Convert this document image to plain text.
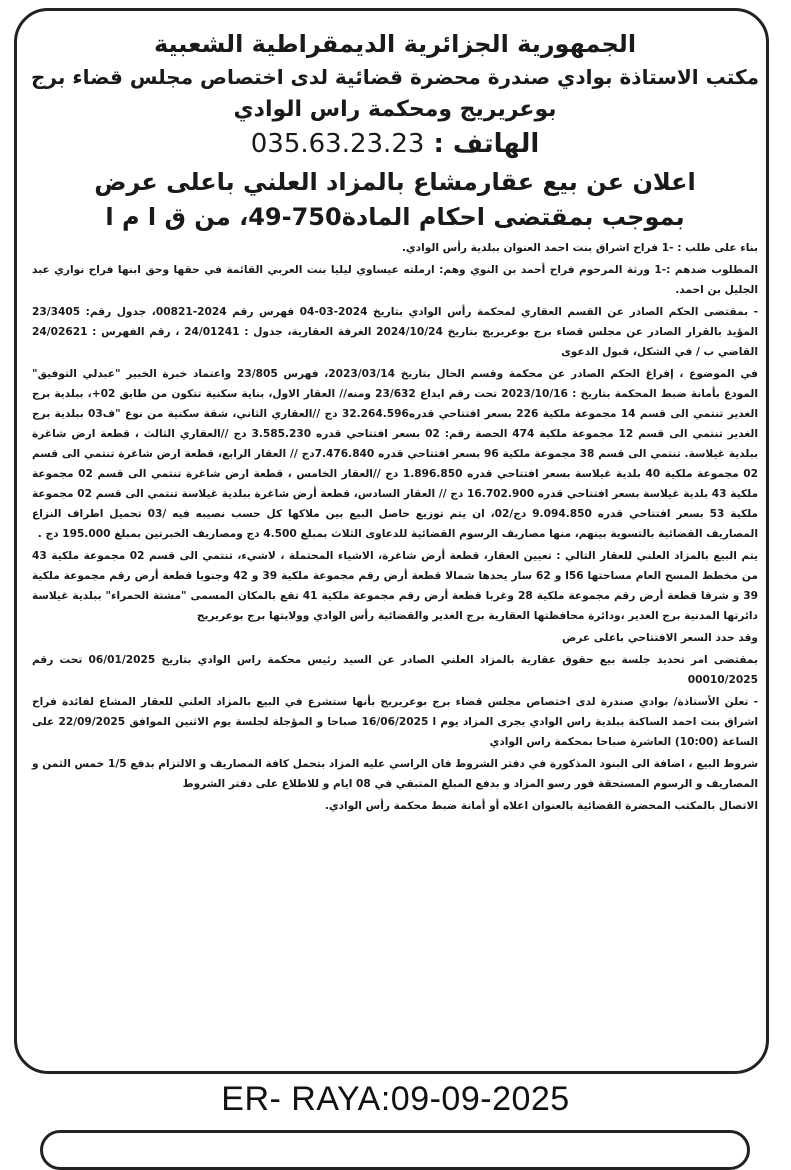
الجمهورية الجزائرية الديمقراطية الشعبية

مكتب الاستاذة بوادي صندرة محضرة قضائية لدى اختصاص مجلس قضاء برج

بوعريريج ومحكمة راس الوادي

الهاتف : 035.63.23.23

اعلان عن بيع عقارمشاع بالمزاد العلني باعلى عرض

بموجب بمقتضى احكام المادة750-49، من ق ا م ا

بناء على طلب : -1 فراح اشراق بنت احمد العنوان ببلدية رأس الوادي.

المطلوب ضدهم :-1 ورثة المرحوم فراح أحمد بن النوي وهم: ارملته عيساوي ليليا بنت العربي القائمة في حقها وحق ابنها فراح نواري عبد الجليل بن احمد.

- بمقتضى الحكم الصادر عن القسم العقاري لمحكمة رأس الوادي بتاريخ 2024-03-04 فهرس رقم 2024-00821، جدول رقم: 23/3405 المؤيد بالقرار الصادر عن مجلس قضاء برج بوعريريج بتاريخ 2024/10/24 الغرفة العقارية، جدول : 24/01241 ، رقم الفهرس : 24/02621 القاضي ب / في الشكل، قبول الدعوى

في الموضوع ، إفراغ الحكم الصادر عن محكمة وقسم الحال بتاريخ 2023/03/14، فهرس 23/805 واعتماد خبرة الخبير "عبدلي التوفيق" المودع بأمانة ضبط المحكمة بتاريخ : 2023/10/16 تحت رقم ايداع 23/632 ومنه// العقار الاول، بناية سكنية تتكون من طابق 02+، ببلدية برج الغدير تنتمي الى قسم 14 مجموعة ملكية 226 بسعر افتتاحي قدره32.264.596 دج //العقاري الثاني، شقة سكنية من نوع "ف03 ببلدية برج الغدير تنتمي الى قسم 12 مجموعة ملكية 474 الحصة رقم: 02 بسعر افتتاحي قدره 3.585.230 دج //العقاري الثالث ، قطعة ارض شاغرة ببلدية غيلاسة. تنتمي الى قسم 38 مجموعة ملكية 96 بسعر افتتاحي قدره 7.476.840دج // العقار الرابع، قطعة ارض شاغرة تنتمي الى قسم 02 مجموعة ملكية 40 بلدية غيلاسة بسعر افتتاحي قدره 1.896.850 دج //العقار الخامس ، قطعة ارض شاغرة تنتمي الى قسم 02 مجموعة ملكية 43 بلدية غيلاسة بسعر افتتاحي قدره 16.702.900 دج // العقار السادس، قطعة أرض شاغرة ببلدية غيلاسة تنتمي الى قسم 02 مجموعة ملكية 53 بسعر افتتاحي قدره 9.094.850 دج/02، ان يتم توزيع حاصل البيع بين ملاكها كل حسب نصيبه فيه /03 تحميل اطراف النزاع المصاريف القضائية بالتسوية بينهم، منها مصاريف الرسوم القضائية للدعاوى الثلاث بمبلغ 4.500 دج ومصاريف الخبرتين بمبلغ 195.000 دج .

يتم البيع بالمزاد العلني للعقار التالي : تعيين العقار، قطعة أرض شاغرة، الاشياء المحتملة ، لاشيء، تنتمي الى قسم 02 مجموعة ملكية 43 من مخطط المسح العام مساحتها 56ا و 62 سار يحدها شمالا قطعة أرض رقم مجموعة ملكية 39 و 42 وجنوبا قطعة أرض رقم مجموعة ملكية 39 و شرقا قطعة أرض رقم مجموعة ملكية 28 وغربا قطعة أرض رقم مجموعة ملكية 41 تقع بالمكان المسمى "مشتة الحمراء" ببلدية غيلاسة دائرتها المدنية برج الغدير ،ودائرة محافظتها العقارية برج الغدير والقضائية رأس الوادي وولايتها برج بوعريريج

وقد حدد السعر الافتتاحي باعلى عرض

بمقتضى امر تحديد جلسة بيع حقوق عقارية بالمزاد العلني الصادر عن السيد رئيس محكمة راس الوادي بتاريخ 06/01/2025 تحت رقم 00010/2025

- تعلن الأستاذة/ بوادي صندرة لدى اختصاص مجلس قضاء برج بوعريريج بأنها ستشرع في البيع بالمزاد العلني للعقار المشاع لفائدة فراح اشراق بنت احمد الساكنة ببلدية راس الوادي يجرى المزاد يوم ا 16/06/2025 صباحا و المؤجلة لجلسة يوم الاثنين الموافق 22/09/2025 على الساعة (10:00) العاشرة صباحا بمحكمة راس الوادي

شروط البيع ، اضافة الى البنود المذكورة في دفتر الشروط فان الراسي عليه المزاد بتحمل كافة المصاريف و الالتزام بدفع 1/5 خمس الثمن و المصاريف و الرسوم المستحقة فور رسو المزاد و بدفع المبلغ المتبقي في 08 ايام و للاطلاع على دفتر الشروط

الاتصال بالمكتب المحضرة القضائية بالعنوان اعلاه أو أمانة ضبط محكمة رأس الوادي.

ER- RAYA:09-09-2025
